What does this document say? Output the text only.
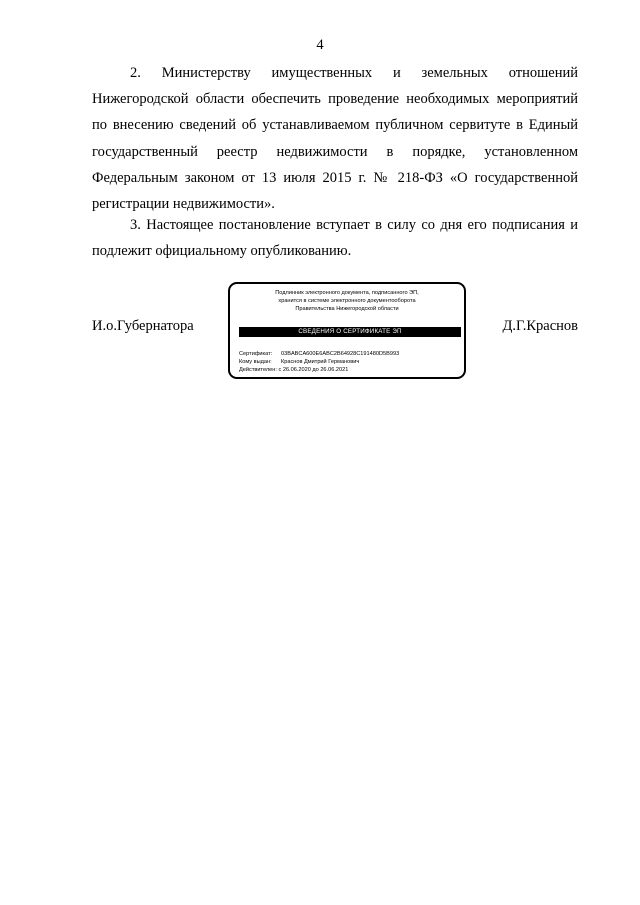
4
2. Министерству имущественных и земельных отношений Нижегородской области обеспечить проведение необходимых мероприятий по внесению сведений об устанавливаемом публичном сервитуте в Единый государственный реестр недвижимости в порядке, установленном Федеральным законом от 13 июля 2015 г. № 218-ФЗ «О государственной регистрации недвижимости».
3. Настоящее постановление вступает в силу со дня его подписания и подлежит официальному опубликованию.
И.о.Губернатора
Подлинник электронного документа, подписанного ЭП,
хранится в системе электронного документооборота
Правительства Нижегородской области
СВЕДЕНИЯ О СЕРТИФИКАТЕ ЭП
Сертификат: 03BABCA600E6ABC2B64928C191480D5B993
Кому выдан: Краснов Дмитрий Германович
Действителен: с 26.06.2020 до 26.06.2021
Д.Г.Краснов
